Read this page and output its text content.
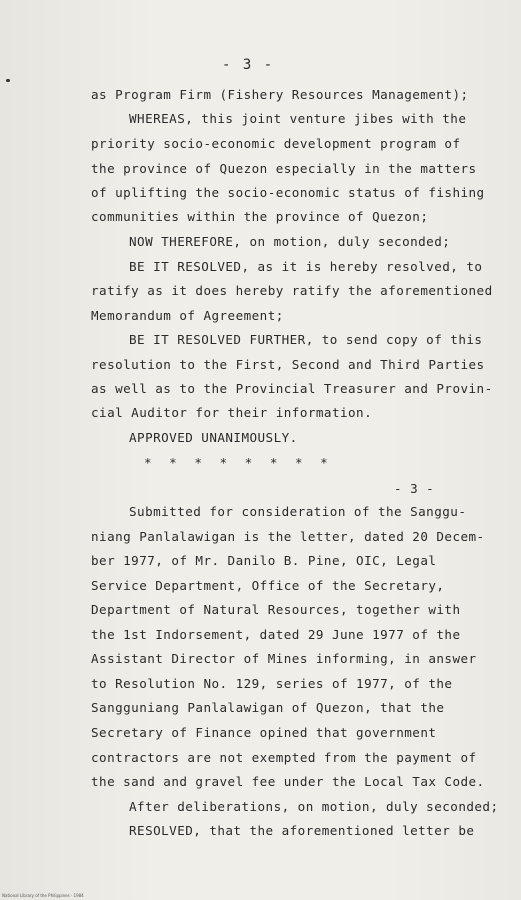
- 3 -
as Program Firm (Fishery Resources Management);
WHEREAS, this joint venture jibes with the
priority socio-economic development program of
the province of Quezon especially in the matters
of uplifting the socio-economic status of fishing
communities within the province of Quezon;
NOW THEREFORE, on motion, duly seconded;
BE IT RESOLVED, as it is hereby resolved, to
ratify as it does hereby ratify the aforementioned
Memorandum of Agreement;
BE IT RESOLVED FURTHER, to send copy of this
resolution to the First, Second and Third Parties
as well as to the Provincial Treasurer and Provin-
cial Auditor for their information.
APPROVED UNANIMOUSLY.
* * * * * * * *
- 3 -
Submitted for consideration of the Sanggu-
niang Panlalawigan is the letter, dated 20 Decem-
ber 1977, of Mr. Danilo B. Pine, OIC, Legal
Service Department, Office of the Secretary,
Department of Natural Resources, together with
the 1st Indorsement, dated 29 June 1977 of the
Assistant Director of Mines informing, in answer
to Resolution No. 129, series of 1977, of the
Sangguniang Panlalawigan of Quezon, that the
Secretary of Finance opined that government
contractors are not exempted from the payment of
the sand and gravel fee under the Local Tax Code.
After deliberations, on motion, duly seconded;
RESOLVED, that the aforementioned letter be
National Library of the Philippines · 1984
